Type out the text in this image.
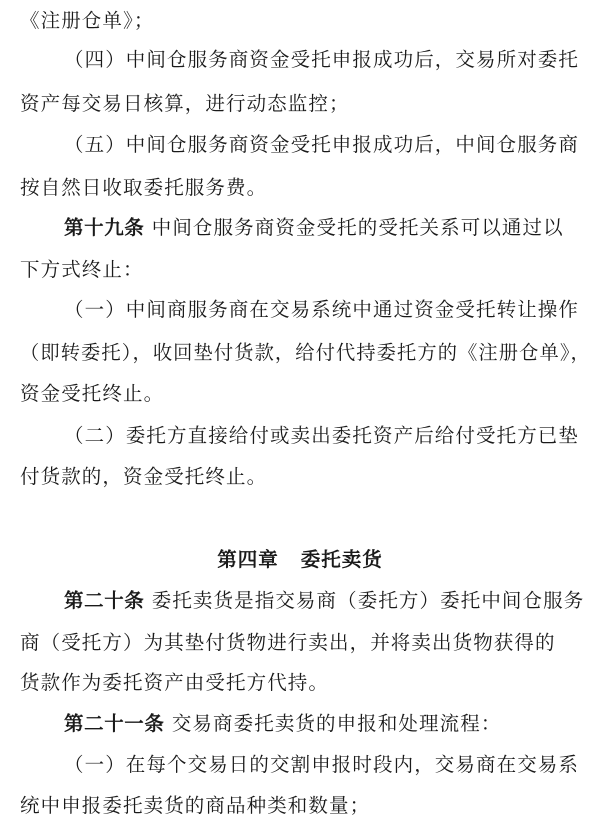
《注册仓单》；
（四）中间仓服务商资金受托申报成功后，交易所对委托
资产每交易日核算，进行动态监控；
（五）中间仓服务商资金受托申报成功后，中间仓服务商
按自然日收取委托服务费。
第十九条 中间仓服务商资金受托的受托关系可以通过以
下方式终止：
（一）中间商服务商在交易系统中通过资金受托转让操作
（即转委托），收回垫付货款，给付代持委托方的《注册仓单》，
资金受托终止。
（二）委托方直接给付或卖出委托资产后给付受托方已垫
付货款的，资金受托终止。
第四章 委托卖货
第二十条 委托卖货是指交易商（委托方）委托中间仓服务
商（受托方）为其垫付货物进行卖出，并将卖出货物获得的
货款作为委托资产由受托方代持。
第二十一条 交易商委托卖货的申报和处理流程：
（一）在每个交易日的交割申报时段内，交易商在交易系
统中申报委托卖货的商品种类和数量；
